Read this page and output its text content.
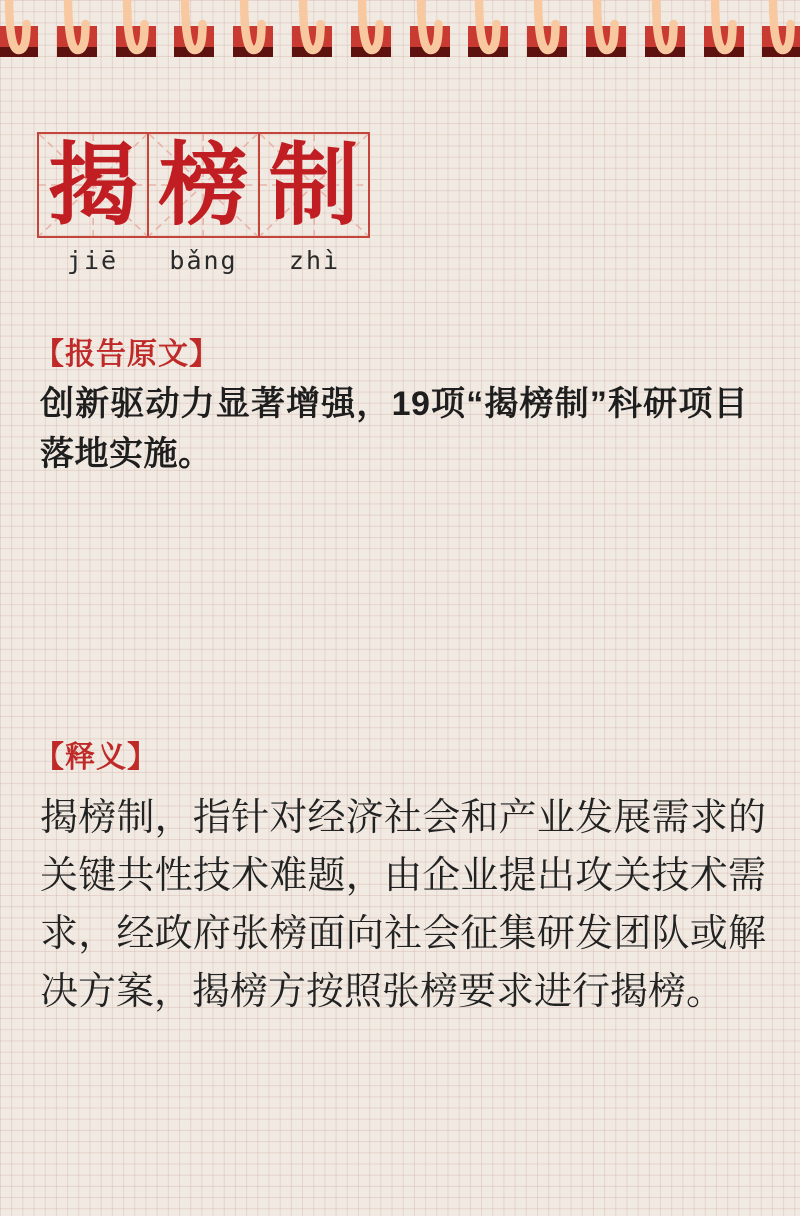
揭 榜 制
jiē	bǎng	zhì
【报告原文】
创新驱动力显著增强，19项“揭榜制”科研项目落地实施。
【释义】
揭榜制，指针对经济社会和产业发展需求的关键共性技术难题，由企业提出攻关技术需求，经政府张榜面向社会征集研发团队或解决方案，揭榜方按照张榜要求进行揭榜。
